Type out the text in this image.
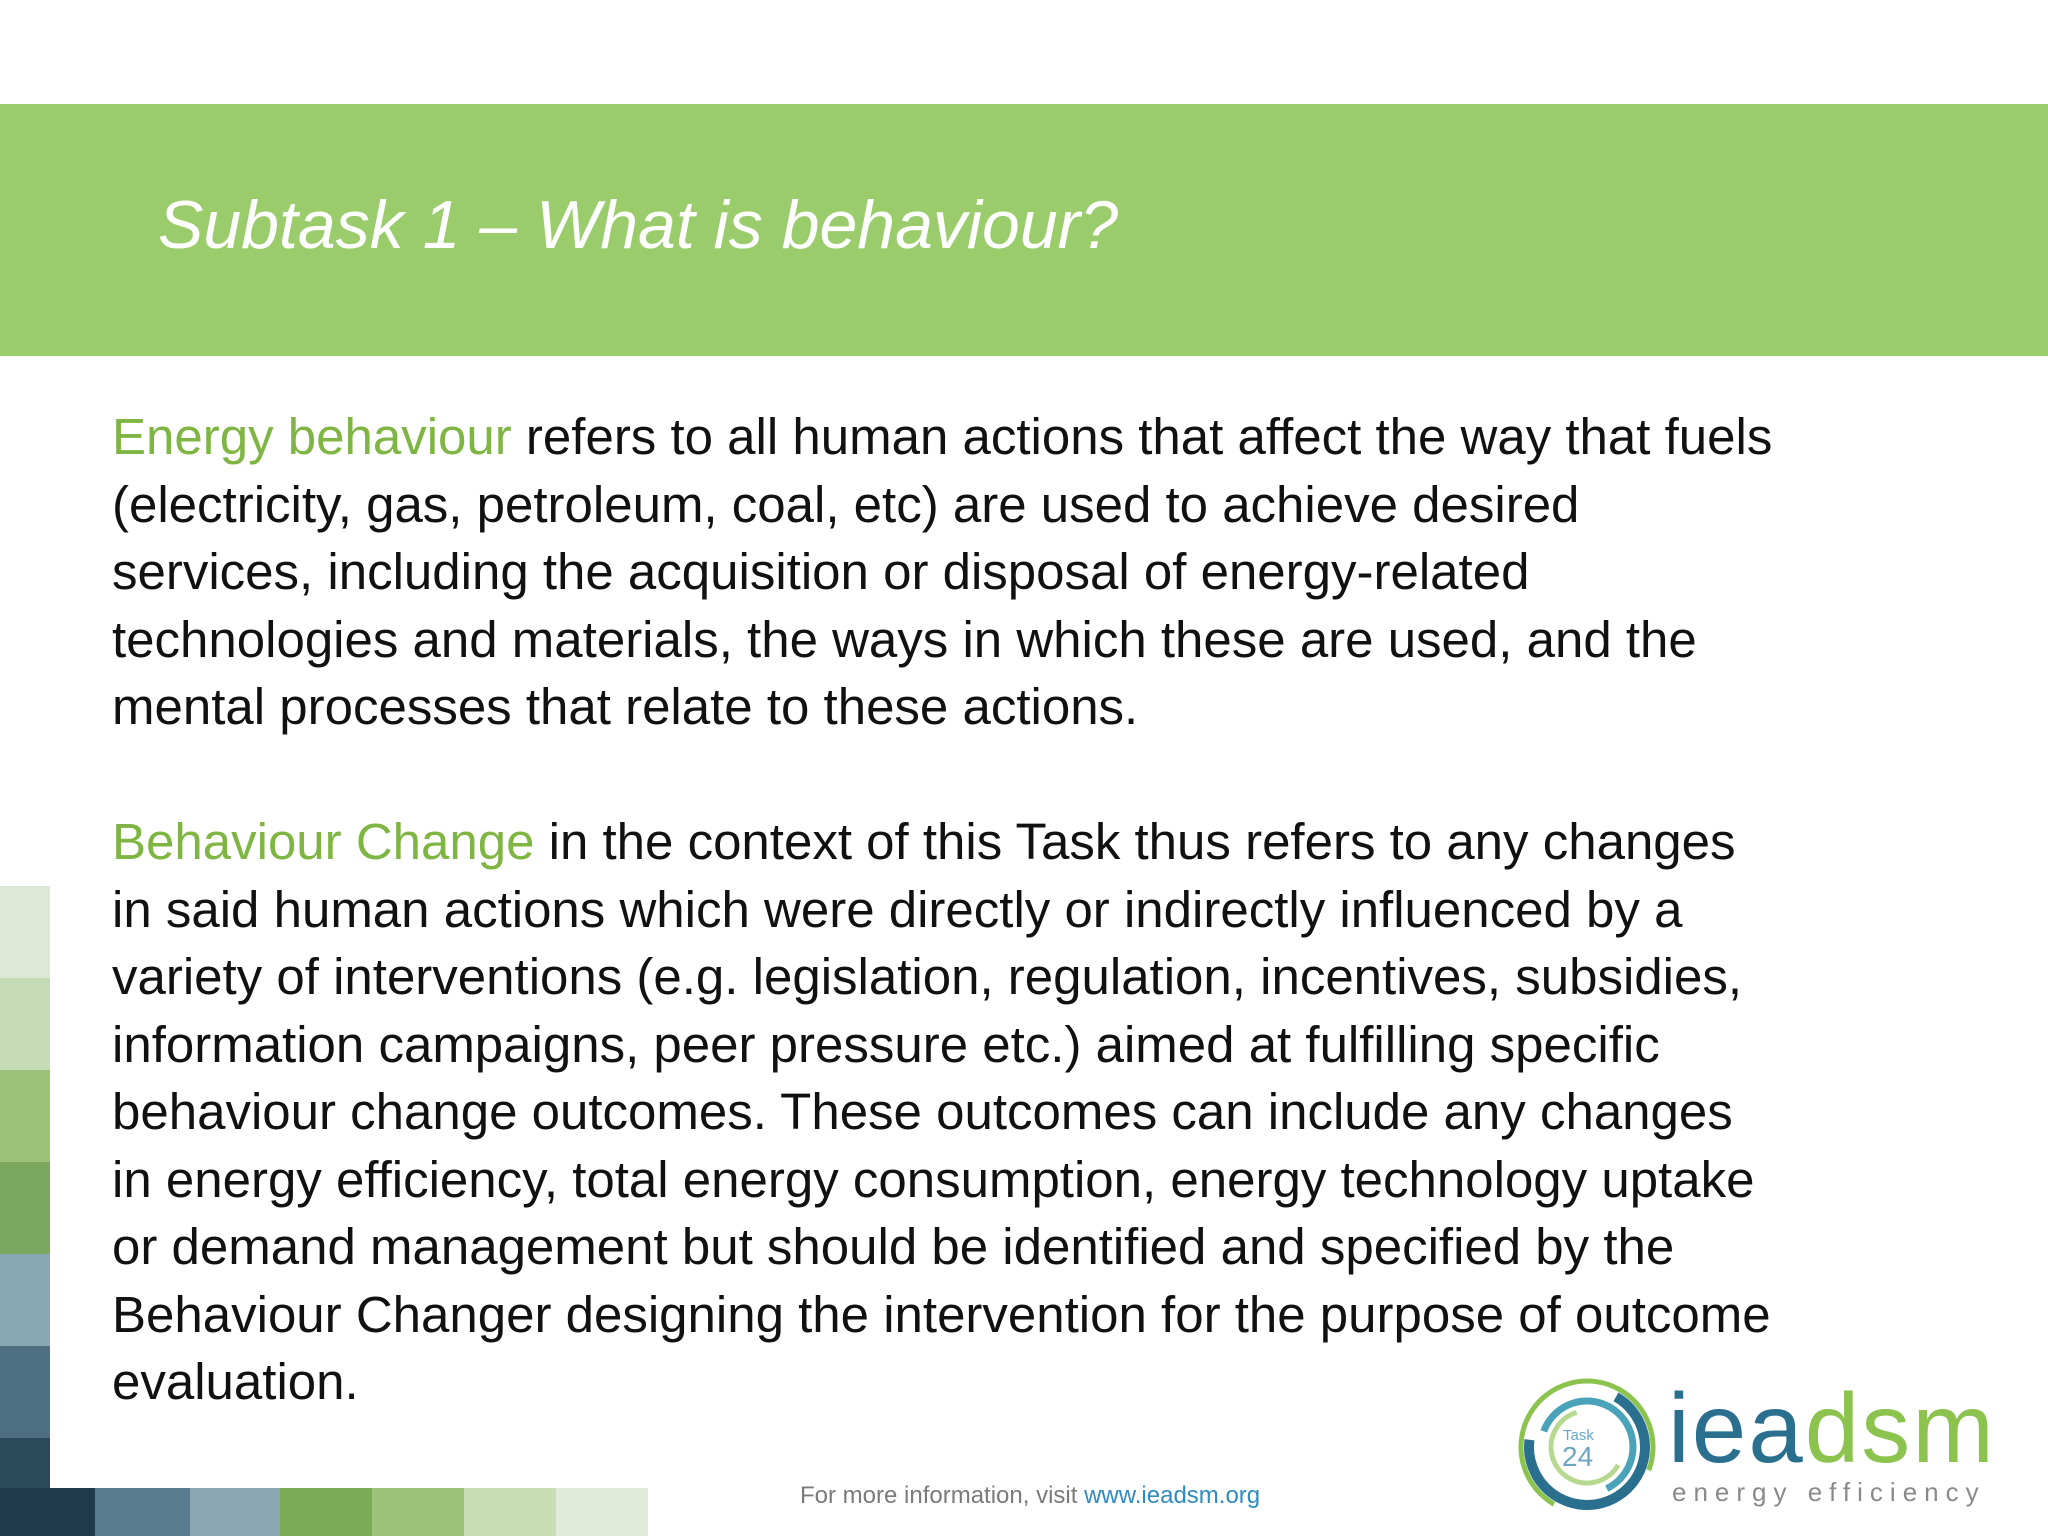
Subtask 1 – What is behaviour?

Energy behaviour refers to all human actions that affect the way that fuels

(electricity, gas, petroleum, coal, etc) are used to achieve desired

services, including the acquisition or disposal of energy-related

technologies and materials, the ways in which these are used, and the

mental processes that relate to these actions.

Behaviour Change in the context of this Task thus refers to any changes

in said human actions which were directly or indirectly influenced by a

variety of interventions (e.g. legislation, regulation, incentives, subsidies,

information campaigns, peer pressure etc.) aimed at fulfilling specific

behaviour change outcomes. These outcomes can include any changes

in energy efficiency, total energy consumption, energy technology uptake

or demand management but should be identified and specified by the

Behaviour Changer designing the intervention for the purpose of outcome

evaluation.

For more information, visit www.ieadsm.org
Task
24 ieadsm
energy efficiency
